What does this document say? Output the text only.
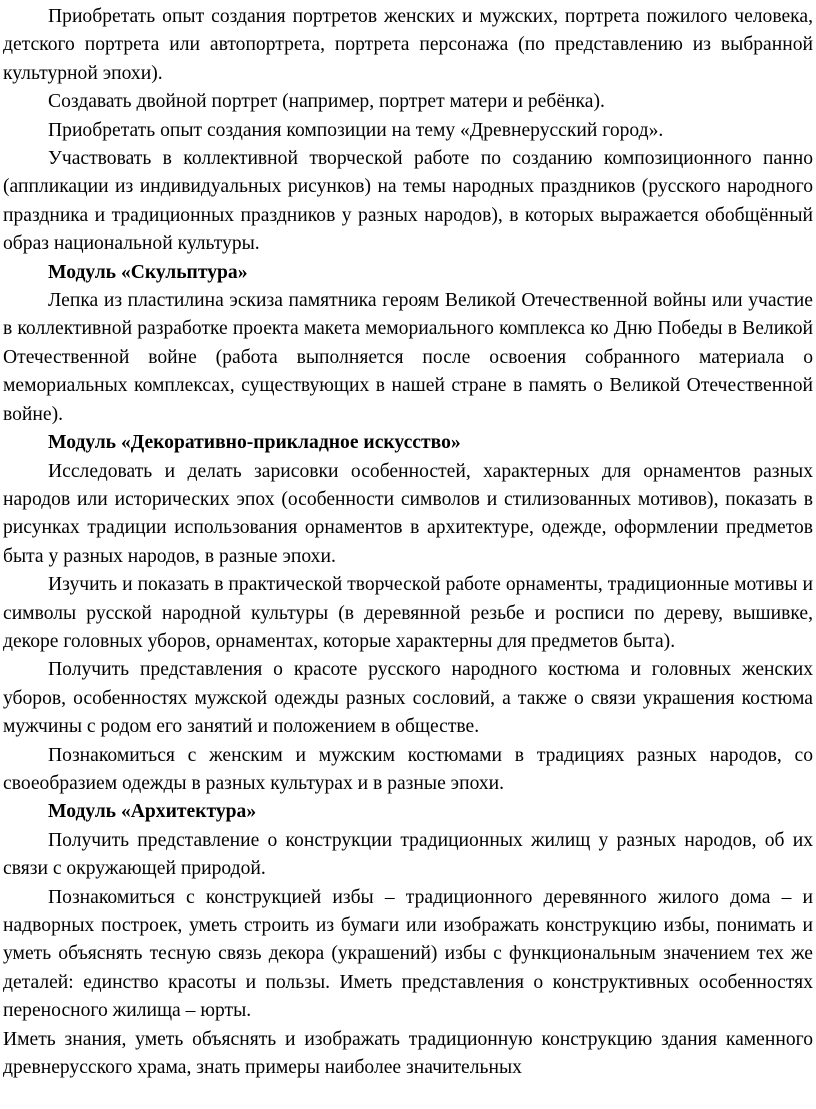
Приобретать опыт создания портретов женских и мужских, портрета пожилого человека, детского портрета или автопортрета, портрета персонажа (по представлению из выбранной культурной эпохи).

Создавать двойной портрет (например, портрет матери и ребёнка).

Приобретать опыт создания композиции на тему «Древнерусский город».

Участвовать в коллективной творческой работе по созданию композиционного панно (аппликации из индивидуальных рисунков) на темы народных праздников (русского народного праздника и традиционных праздников у разных народов), в которых выражается обобщённый образ национальной культуры.

Модуль «Скульптура»

Лепка из пластилина эскиза памятника героям Великой Отечественной войны или участие в коллективной разработке проекта макета мемориального комплекса ко Дню Победы в Великой Отечественной войне (работа выполняется после освоения собранного материала о мемориальных комплексах, существующих в нашей стране в память о Великой Отечественной войне).

Модуль «Декоративно-прикладное искусство»

Исследовать и делать зарисовки особенностей, характерных для орнаментов разных народов или исторических эпох (особенности символов и стилизованных мотивов), показать в рисунках традиции использования орнаментов в архитектуре, одежде, оформлении предметов быта у разных народов, в разные эпохи.

Изучить и показать в практической творческой работе орнаменты, традиционные мотивы и символы русской народной культуры (в деревянной резьбе и росписи по дереву, вышивке, декоре головных уборов, орнаментах, которые характерны для предметов быта).

Получить представления о красоте русского народного костюма и головных женских уборов, особенностях мужской одежды разных сословий, а также о связи украшения костюма мужчины с родом его занятий и положением в обществе.

Познакомиться с женским и мужским костюмами в традициях разных народов, со своеобразием одежды в разных культурах и в разные эпохи.

Модуль «Архитектура»

Получить представление о конструкции традиционных жилищ у разных народов, об их связи с окружающей природой.

Познакомиться с конструкцией избы – традиционного деревянного жилого дома – и надворных построек, уметь строить из бумаги или изображать конструкцию избы, понимать и уметь объяснять тесную связь декора (украшений) избы с функциональным значением тех же деталей: единство красоты и пользы. Иметь представления о конструктивных особенностях переносного жилища – юрты.

Иметь знания, уметь объяснять и изображать традиционную конструкцию здания каменного древнерусского храма, знать примеры наиболее значительных
